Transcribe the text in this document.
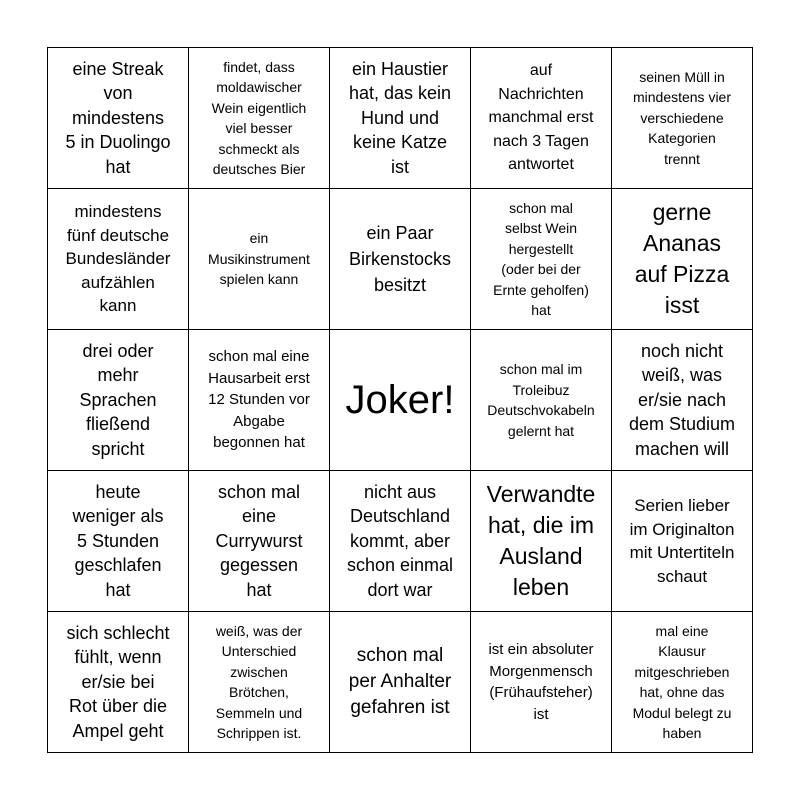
eine Streak
von
mindestens
5 in Duolingo
hat
findet, dass
moldawischer
Wein eigentlich
viel besser
schmeckt als
deutsches Bier
ein Haustier
hat, das kein
Hund und
keine Katze
ist
auf
Nachrichten
manchmal erst
nach 3 Tagen
antwortet
seinen Müll in
mindestens vier
verschiedene
Kategorien
trennt
mindestens
fünf deutsche
Bundesländer
aufzählen
kann
ein
Musikinstrument
spielen kann
ein Paar
Birkenstocks
besitzt
schon mal
selbst Wein
hergestellt
(oder bei der
Ernte geholfen)
hat
gerne
Ananas
auf Pizza
isst
drei oder
mehr
Sprachen
fließend
spricht
schon mal eine
Hausarbeit erst
12 Stunden vor
Abgabe
begonnen hat
Joker!
schon mal im
Troleibuz
Deutschvokabeln
gelernt hat
noch nicht
weiß, was
er/sie nach
dem Studium
machen will
heute
weniger als
5 Stunden
geschlafen
hat
schon mal
eine
Currywurst
gegessen
hat
nicht aus
Deutschland
kommt, aber
schon einmal
dort war
Verwandte
hat, die im
Ausland
leben
Serien lieber
im Originalton
mit Untertiteln
schaut
sich schlecht
fühlt, wenn
er/sie bei
Rot über die
Ampel geht
weiß, was der
Unterschied
zwischen
Brötchen,
Semmeln und
Schrippen ist.
schon mal
per Anhalter
gefahren ist
ist ein absoluter
Morgenmensch
(Frühaufsteher)
ist
mal eine
Klausur
mitgeschrieben
hat, ohne das
Modul belegt zu
haben
